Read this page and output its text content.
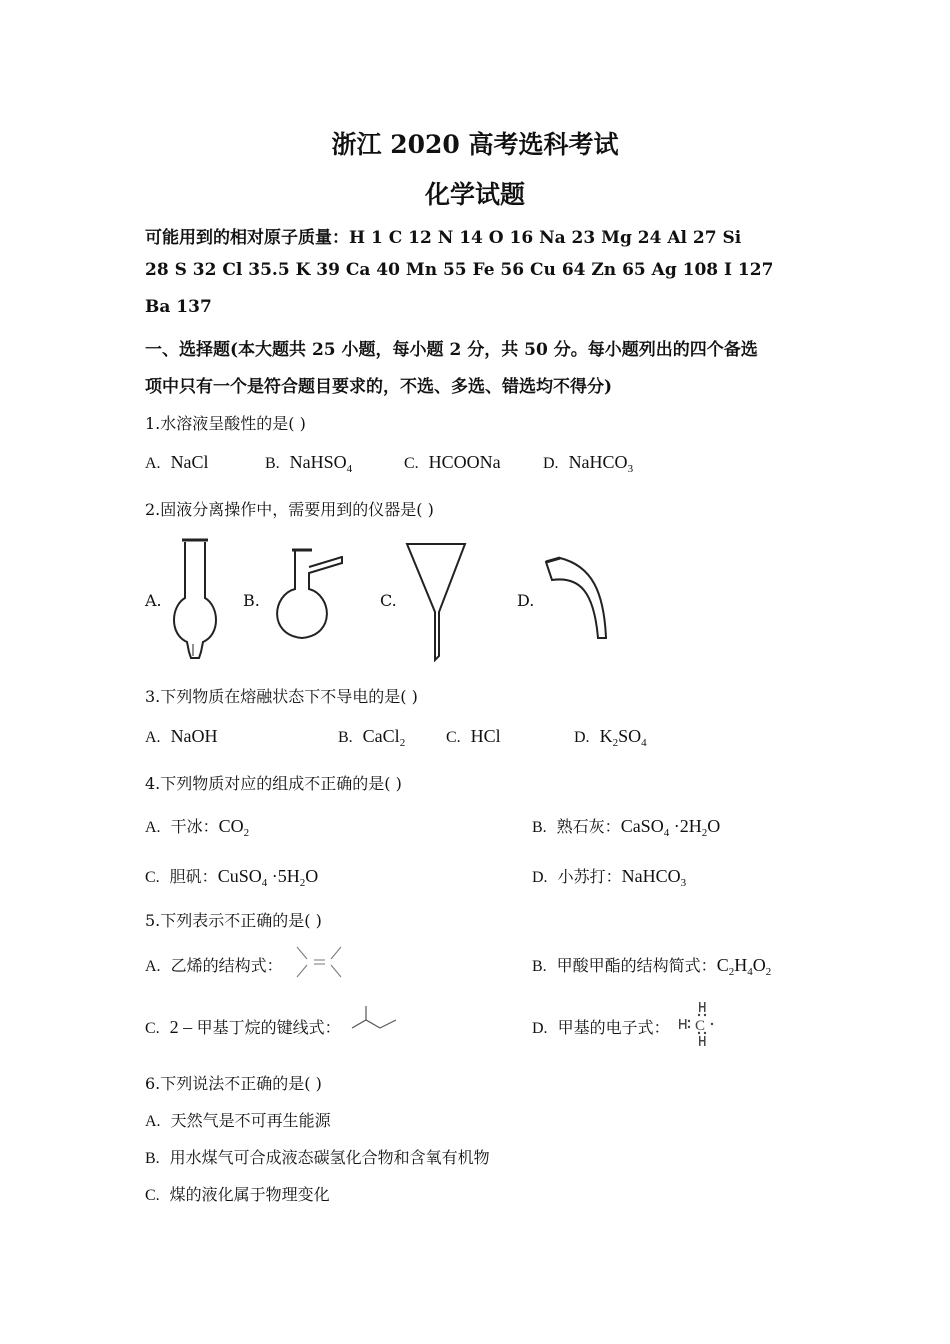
浙江 2020 高考选科考试
化学试题
可能用到的相对原子质量：H 1 C 12 N 14 O 16 Na 23 Mg 24 Al 27 Si
28 S 32 Cl 35.5 K 39 Ca 40 Mn 55 Fe 56 Cu 64 Zn 65 Ag 108 I 127
Ba 137
一、选择题(本大题共 25 小题，每小题 2 分，共 50 分。每小题列出的四个备选
项中只有一个是符合题目要求的，不选、多选、错选均不得分)
1.水溶液呈酸性的是( )
A. NaCl	B. NaHSO$_4$	C. HCOONa	D. NaHCO$_3$
2.固液分离操作中，需要用到的仪器是( )
A.	B.	C.	D.
3.下列物质在熔融状态下不导电的是( )
A. NaOH	B. CaCl$_2$	C. HCl	D. $K_2SO_4$
4.下列物质对应的组成不正确的是( )
A. 干冰：$CO_2$	B. 熟石灰：CaSO$_4$ $\cdot 2H_2O$
C. 胆矾：CuSO$_4$ $\cdot 5H_2O$	D. 小苏打：NaHCO$_3$
5.下列表示不正确的是( )
A. 乙烯的结构式：	B. 甲酸甲酯的结构简式：$C_2H_4O_2$
C. 2 – 甲基丁烷的键线式：	D. 甲基的电子式： C
6.下列说法不正确的是( )
A. 天然气是不可再生能源
B. 用水煤气可合成液态碳氢化合物和含氧有机物
C. 煤的液化属于物理变化
